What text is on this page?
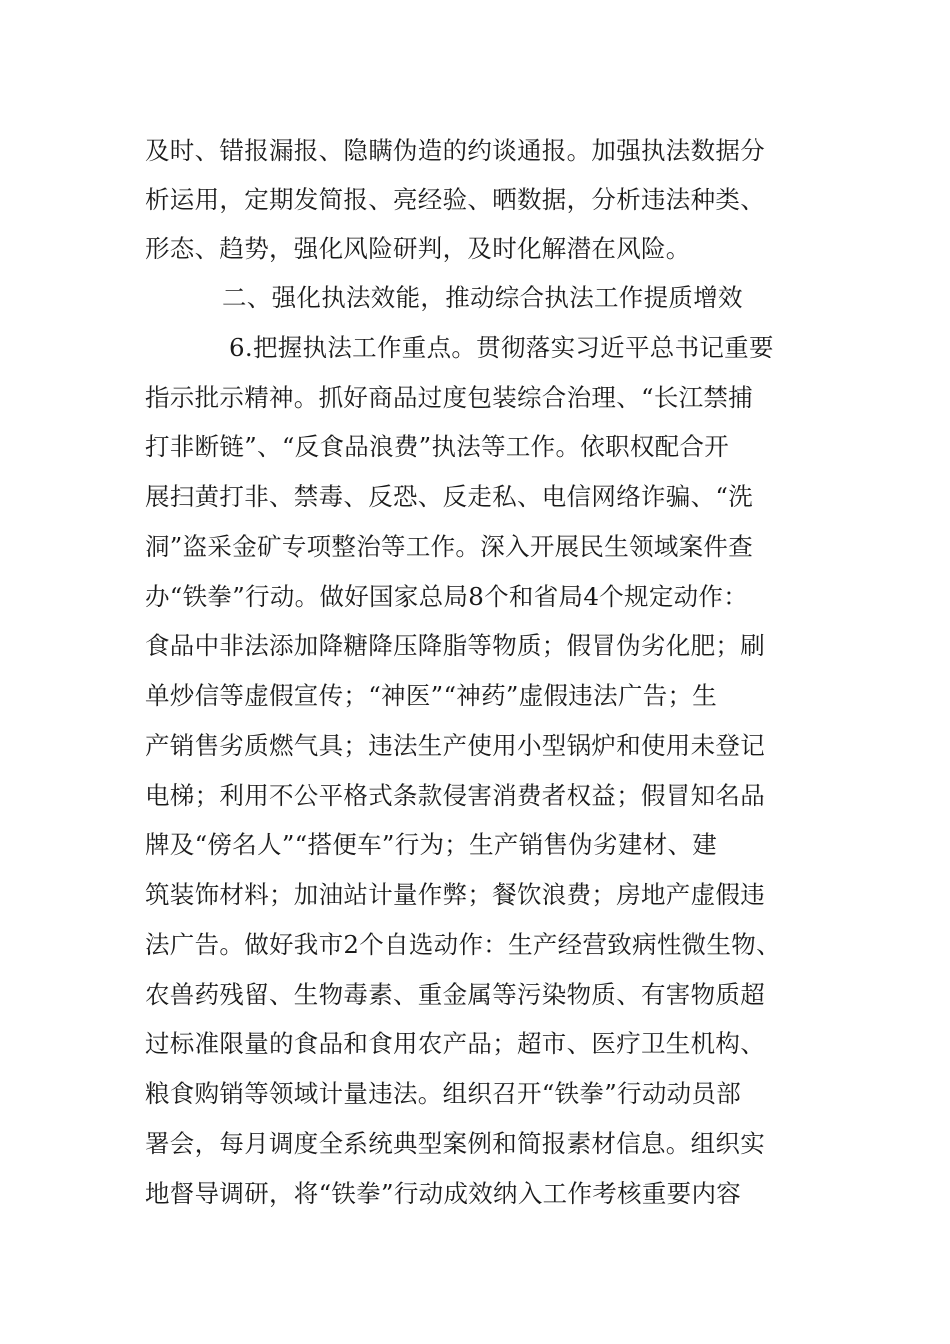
及时、错报漏报、隐瞒伪造的约谈通报。加强执法数据分
析运用，定期发简报、亮经验、晒数据，分析违法种类、
形态、趋势，强化风险研判，及时化解潜在风险。
二、强化执法效能，推动综合执法工作提质增效
6.把握执法工作重点。贯彻落实习近平总书记重要
指示批示精神。抓好商品过度包装综合治理、“长江禁捕
打非断链”、“反食品浪费”执法等工作。依职权配合开
展扫黄打非、禁毒、反恐、反走私、电信网络诈骗、“洗
洞”盗采金矿专项整治等工作。深入开展民生领域案件查
办“铁拳”行动。做好国家总局8个和省局4个规定动作：
食品中非法添加降糖降压降脂等物质；假冒伪劣化肥；刷
单炒信等虚假宣传；“神医”“神药”虚假违法广告；生
产销售劣质燃气具；违法生产使用小型锅炉和使用未登记
电梯；利用不公平格式条款侵害消费者权益；假冒知名品
牌及“傍名人”“搭便车”行为；生产销售伪劣建材、建
筑装饰材料；加油站计量作弊；餐饮浪费；房地产虚假违
法广告。做好我市2个自选动作：生产经营致病性微生物、
农兽药残留、生物毒素、重金属等污染物质、有害物质超
过标准限量的食品和食用农产品；超市、医疗卫生机构、
粮食购销等领域计量违法。组织召开“铁拳”行动动员部
署会，每月调度全系统典型案例和简报素材信息。组织实
地督导调研，将“铁拳”行动成效纳入工作考核重要内容
